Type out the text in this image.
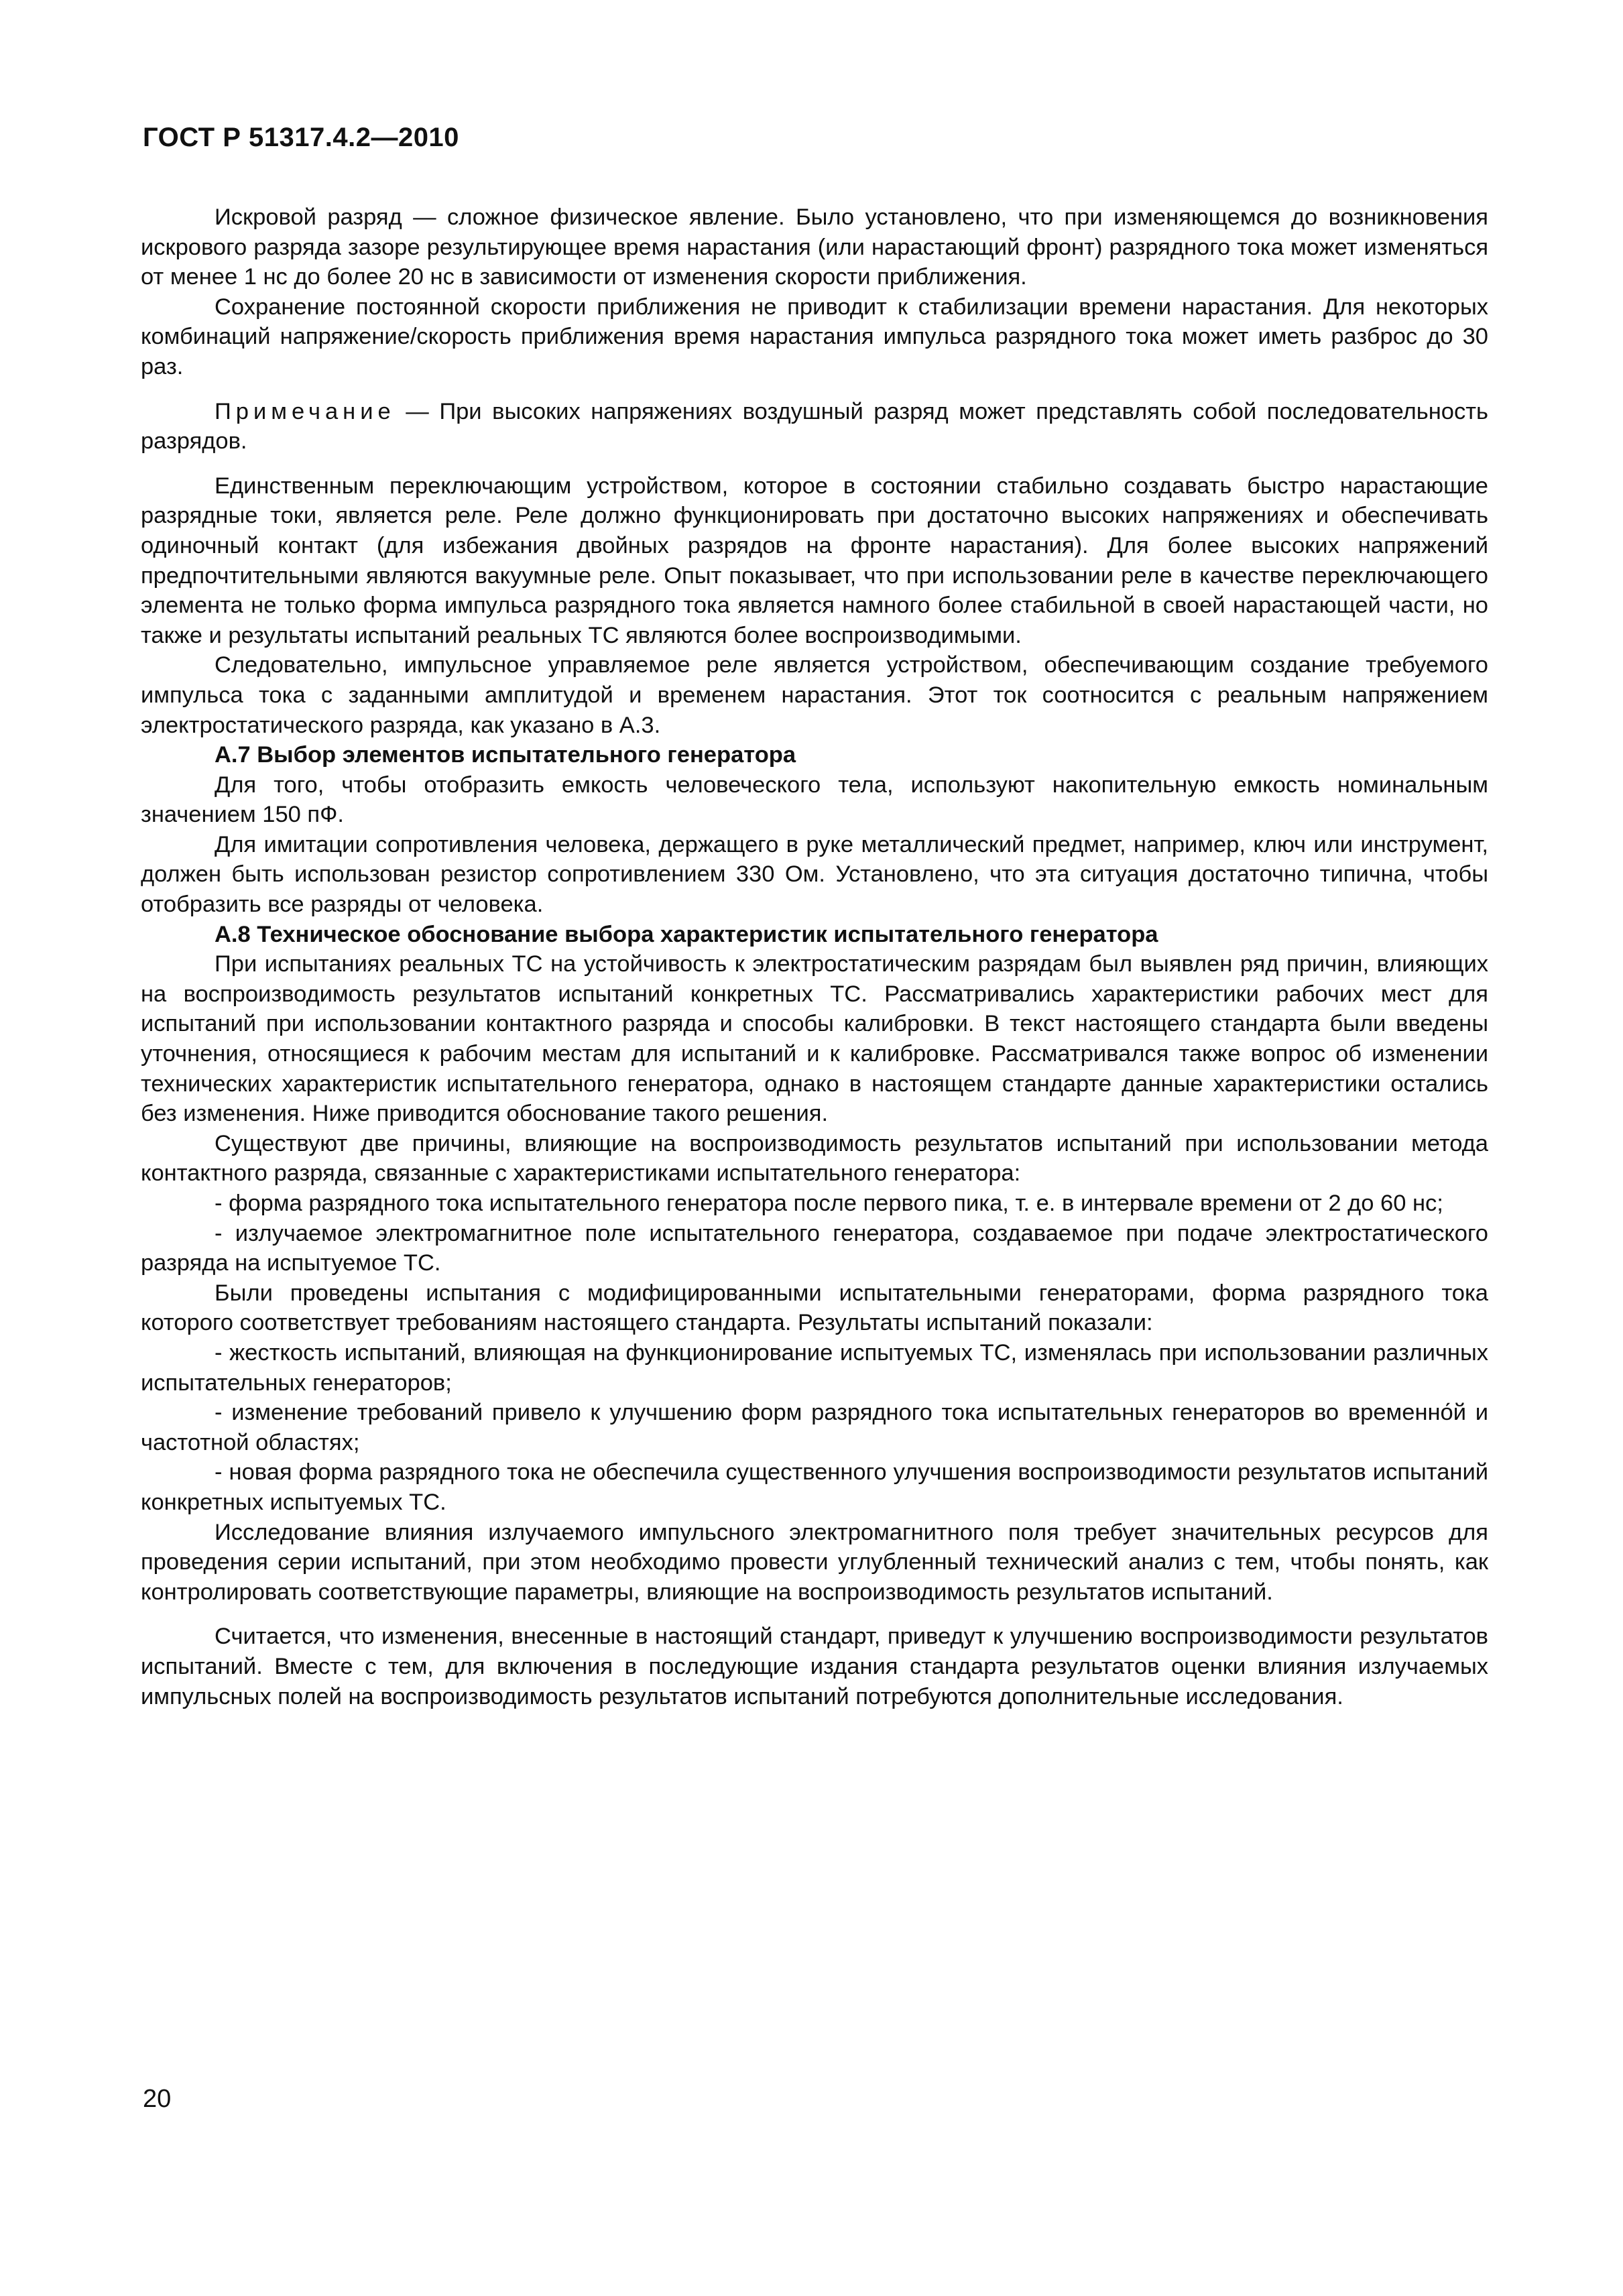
ГОСТ Р 51317.4.2—2010

Искровой разряд — сложное физическое явление. Было установлено, что при изменяющемся до возникновения искрового разряда зазоре результирующее время нарастания (или нарастающий фронт) разрядного тока может изменяться от менее 1 нс до более 20 нс в зависимости от изменения скорости приближения.

Сохранение постоянной скорости приближения не приводит к стабилизации времени нарастания. Для некоторых комбинаций напряжение/скорость приближения время нарастания импульса разрядного тока может иметь разброс до 30 раз.

Примечание — При высоких напряжениях воздушный разряд может представлять собой последовательность разрядов.

Единственным переключающим устройством, которое в состоянии стабильно создавать быстро нарастающие разрядные токи, является реле. Реле должно функционировать при достаточно высоких напряжениях и обеспечивать одиночный контакт (для избежания двойных разрядов на фронте нарастания). Для более высоких напряжений предпочтительными являются вакуумные реле. Опыт показывает, что при использовании реле в качестве переключающего элемента не только форма импульса разрядного тока является намного более стабильной в своей нарастающей части, но также и результаты испытаний реальных ТС являются более воспроизводимыми.

Следовательно, импульсное управляемое реле является устройством, обеспечивающим создание требуемого импульса тока с заданными амплитудой и временем нарастания. Этот ток соотносится с реальным напряжением электростатического разряда, как указано в А.3.

А.7 Выбор элементов испытательного генератора

Для того, чтобы отобразить емкость человеческого тела, используют накопительную емкость номинальным значением 150 пФ.

Для имитации сопротивления человека, держащего в руке металлический предмет, например, ключ или инструмент, должен быть использован резистор сопротивлением 330 Ом. Установлено, что эта ситуация достаточно типична, чтобы отобразить все разряды от человека.

А.8 Техническое обоснование выбора характеристик испытательного генератора

При испытаниях реальных ТС на устойчивость к электростатическим разрядам был выявлен ряд причин, влияющих на воспроизводимость результатов испытаний конкретных ТС. Рассматривались характеристики рабочих мест для испытаний при использовании контактного разряда и способы калибровки. В текст настоящего стандарта были введены уточнения, относящиеся к рабочим местам для испытаний и к калибровке. Рассматривался также вопрос об изменении технических характеристик испытательного генератора, однако в настоящем стандарте данные характеристики остались без изменения. Ниже приводится обоснование такого решения.

Существуют две причины, влияющие на воспроизводимость результатов испытаний при использовании метода контактного разряда, связанные с характеристиками испытательного генератора:

- форма разрядного тока испытательного генератора после первого пика, т. е. в интервале времени от 2 до 60 нс;

- излучаемое электромагнитное поле испытательного генератора, создаваемое при подаче электростатического разряда на испытуемое ТС.

Были проведены испытания с модифицированными испытательными генераторами, форма разрядного тока которого соответствует требованиям настоящего стандарта. Результаты испытаний показали:

- жесткость испытаний, влияющая на функционирование испытуемых ТС, изменялась при использовании различных испытательных генераторов;

- изменение требований привело к улучшению форм разрядного тока испытательных генераторов во временно́й и частотной областях;

- новая форма разрядного тока не обеспечила существенного улучшения воспроизводимости результатов испытаний конкретных испытуемых ТС.

Исследование влияния излучаемого импульсного электромагнитного поля требует значительных ресурсов для проведения серии испытаний, при этом необходимо провести углубленный технический анализ с тем, чтобы понять, как контролировать соответствующие параметры, влияющие на воспроизводимость результатов испытаний.

Считается, что изменения, внесенные в настоящий стандарт, приведут к улучшению воспроизводимости результатов испытаний. Вместе с тем, для включения в последующие издания стандарта результатов оценки влияния излучаемых импульсных полей на воспроизводимость результатов испытаний потребуются дополнительные исследования.

20
